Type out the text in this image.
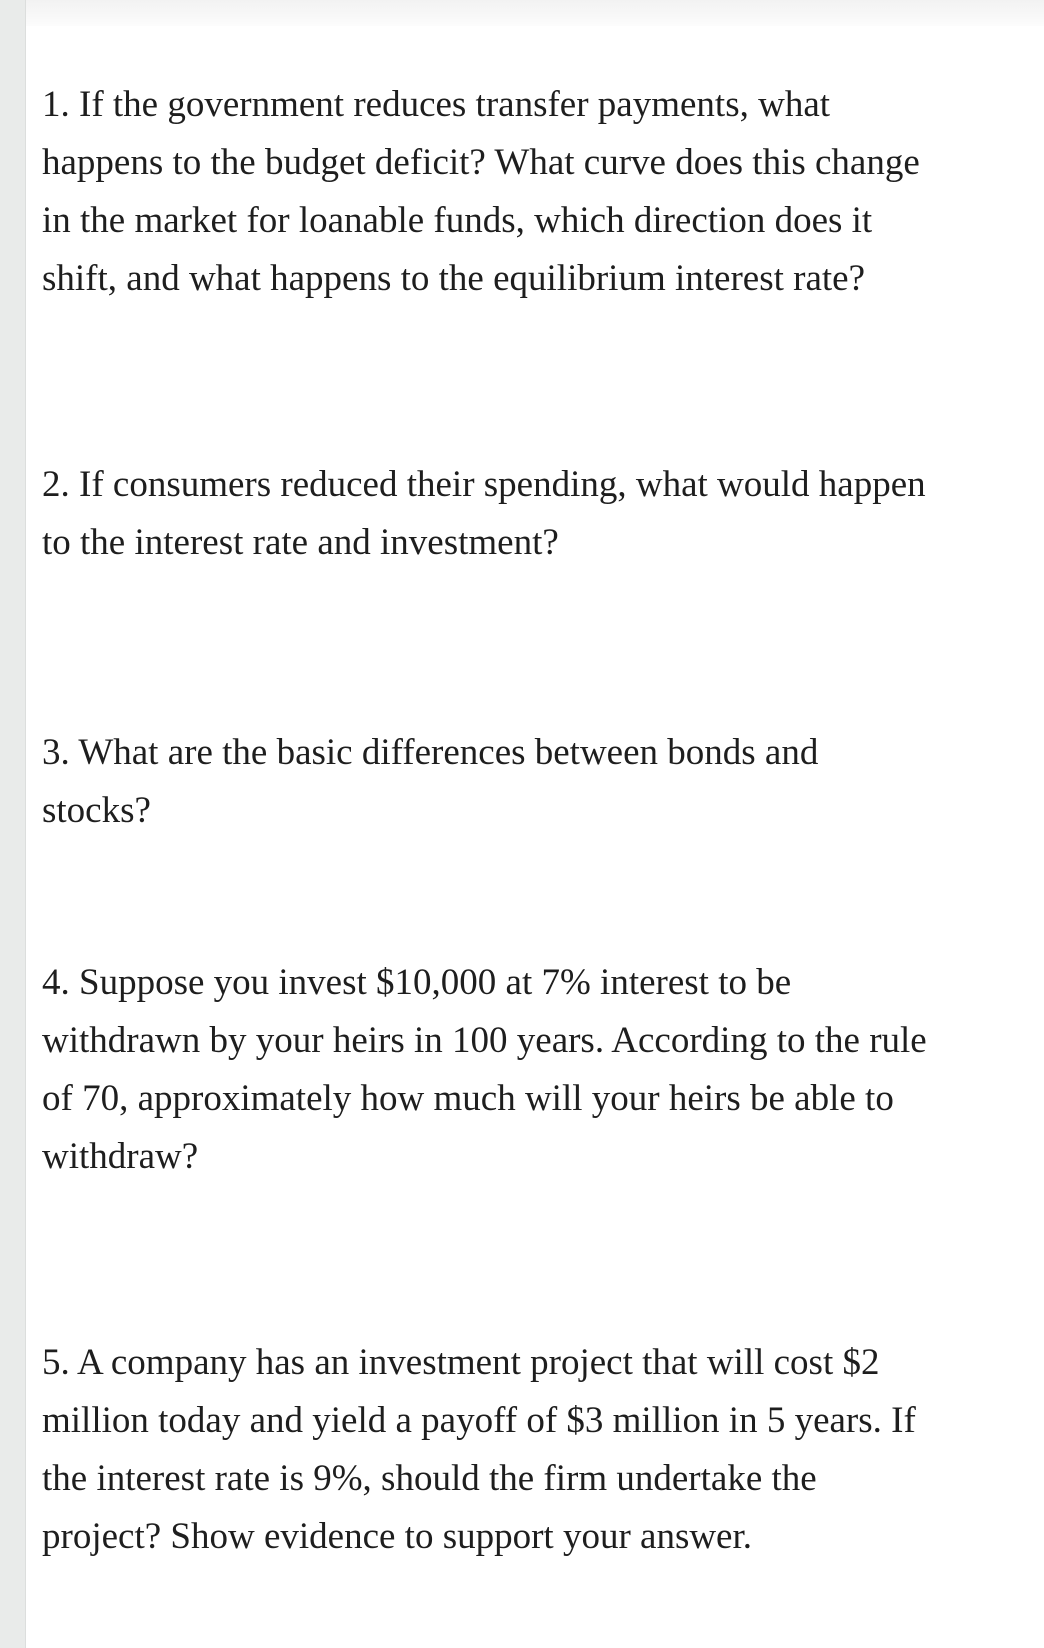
1. If the government reduces transfer payments, what
happens to the budget deficit? What curve does this change
in the market for loanable funds, which direction does it
shift, and what happens to the equilibrium interest rate?

2. If consumers reduced their spending, what would happen
to the interest rate and investment?

3. What are the basic differences between bonds and
stocks?

4. Suppose you invest $10,000 at 7% interest to be
withdrawn by your heirs in 100 years. According to the rule
of 70, approximately how much will your heirs be able to
withdraw?

5. A company has an investment project that will cost $2
million today and yield a payoff of $3 million in 5 years. If
the interest rate is 9%, should the firm undertake the
project? Show evidence to support your answer.
